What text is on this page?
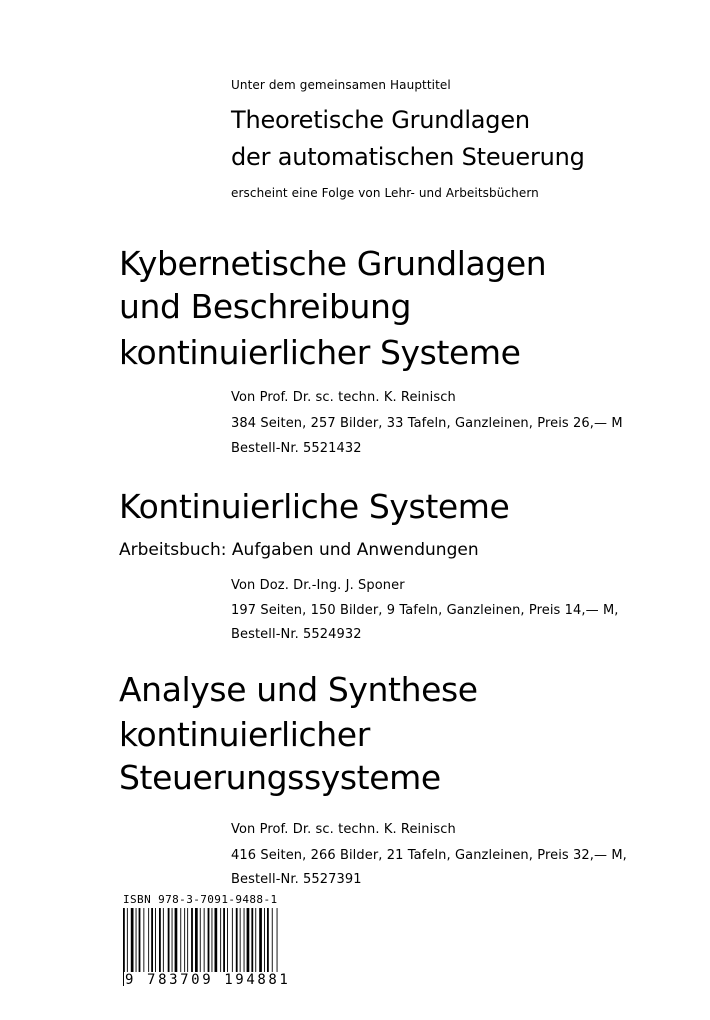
Unter dem gemeinsamen Haupttitel
Theoretische Grundlagen
der automatischen Steuerung
erscheint eine Folge von Lehr- und Arbeitsbüchern
Kybernetische Grundlagen
und Beschreibung
kontinuierlicher Systeme
Von Prof. Dr. sc. techn. K. Reinisch
384 Seiten, 257 Bilder, 33 Tafeln, Ganzleinen, Preis 26,— M
Bestell-Nr. 5521432
Kontinuierliche Systeme
Arbeitsbuch: Aufgaben und Anwendungen
Von Doz. Dr.-Ing. J. Sponer
197 Seiten, 150 Bilder, 9 Tafeln, Ganzleinen, Preis 14,— M,
Bestell-Nr. 5524932
Analyse und Synthese
kontinuierlicher
Steuerungssysteme
Von Prof. Dr. sc. techn. K. Reinisch
416 Seiten, 266 Bilder, 21 Tafeln, Ganzleinen, Preis 32,— M,
Bestell-Nr. 5527391
ISBN 978-3-7091-9488-1
9 783709 194881
